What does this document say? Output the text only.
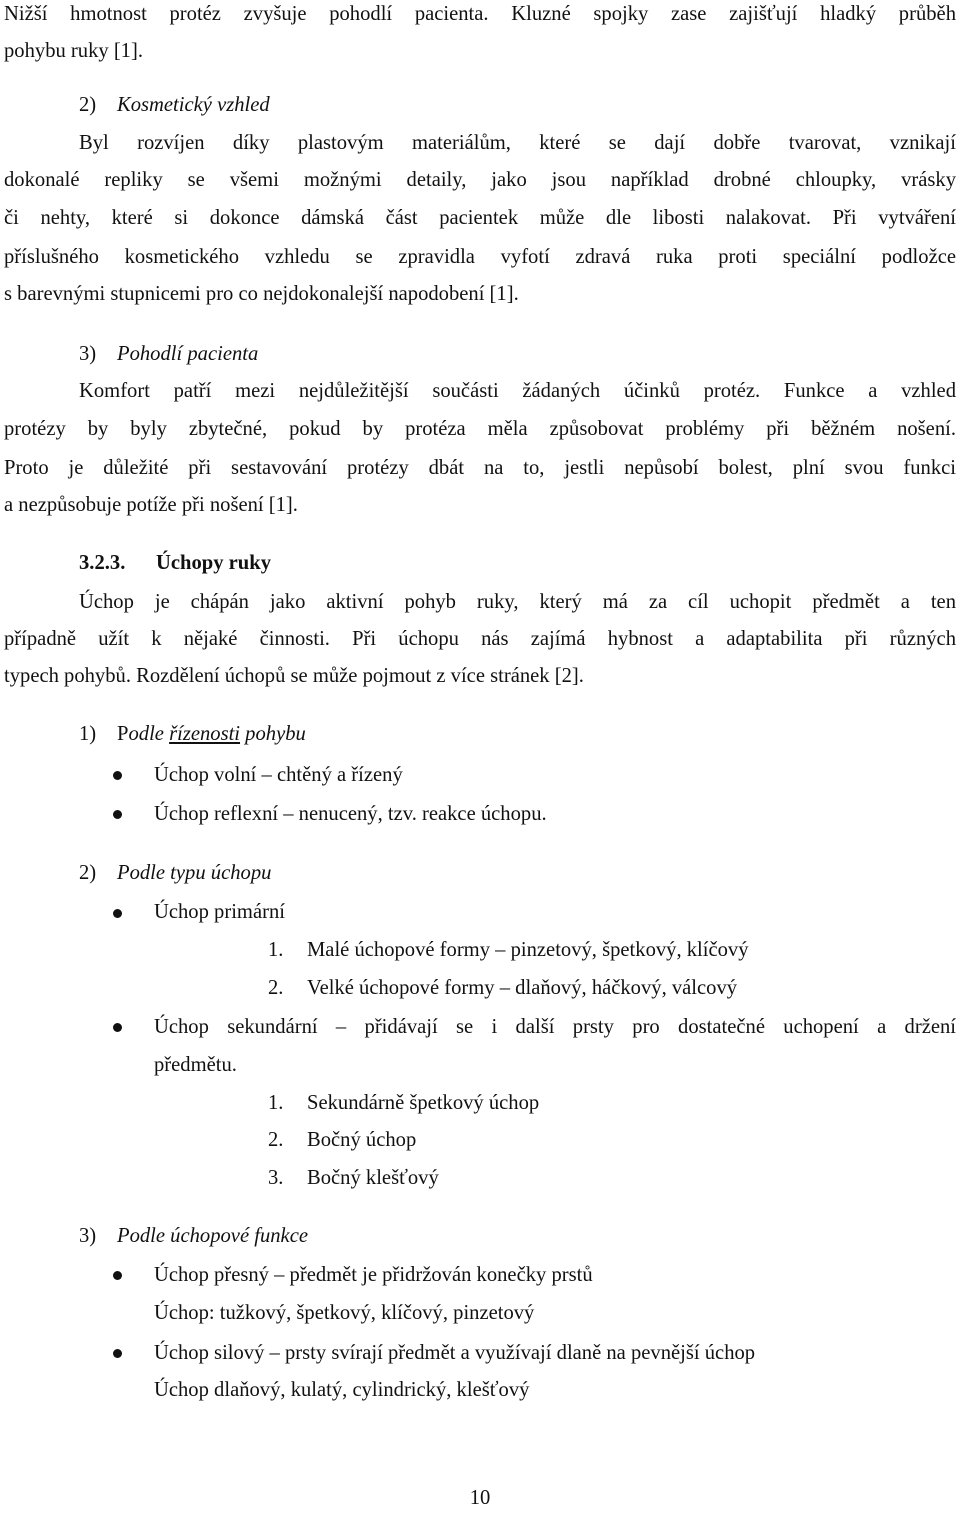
Nižší hmotnost protéz zvyšuje pohodlí pacienta. Kluzné spojky zase zajišťují hladký průběh
pohybu ruky [1].
2) Kosmetický vzhled
Byl rozvíjen díky plastovým materiálům, které se dají dobře tvarovat, vznikají
dokonalé repliky se všemi možnými detaily, jako jsou například drobné chloupky, vrásky
či nehty, které si dokonce dámská část pacientek může dle libosti nalakovat. Při vytváření
příslušného kosmetického vzhledu se zpravidla vyfotí zdravá ruka proti speciální podložce
s barevnými stupnicemi pro co nejdokonalejší napodobení [1].
3) Pohodlí pacienta
Komfort patří mezi nejdůležitější součásti žádaných účinků protéz. Funkce a vzhled
protézy by byly zbytečné, pokud by protéza měla způsobovat problémy při běžném nošení.
Proto je důležité při sestavování protézy dbát na to, jestli nepůsobí bolest, plní svou funkci
a nezpůsobuje potíže při nošení [1].
3.2.3. Úchopy ruky
Úchop je chápán jako aktivní pohyb ruky, který má za cíl uchopit předmět a ten
případně užít k nějaké činnosti. Při úchopu nás zajímá hybnost a adaptabilita při různých
typech pohybů. Rozdělení úchopů se může pojmout z více stránek [2].
1) Podle řízenosti pohybu
Úchop volní – chtěný a řízený
Úchop reflexní – nenucený, tzv. reakce úchopu.
2) Podle typu úchopu
Úchop primární
1. Malé úchopové formy – pinzetový, špetkový, klíčový
2. Velké úchopové formy – dlaňový, háčkový, válcový
Úchop sekundární – přidávají se i další prsty pro dostatečné uchopení a držení
předmětu.
1. Sekundárně špetkový úchop
2. Bočný úchop
3. Bočný klešťový
3) Podle úchopové funkce
Úchop přesný – předmět je přidržován konečky prstů
Úchop: tužkový, špetkový, klíčový, pinzetový
Úchop silový – prsty svírají předmět a využívají dlaně na pevnější úchop
Úchop dlaňový, kulatý, cylindrický, klešťový
10
